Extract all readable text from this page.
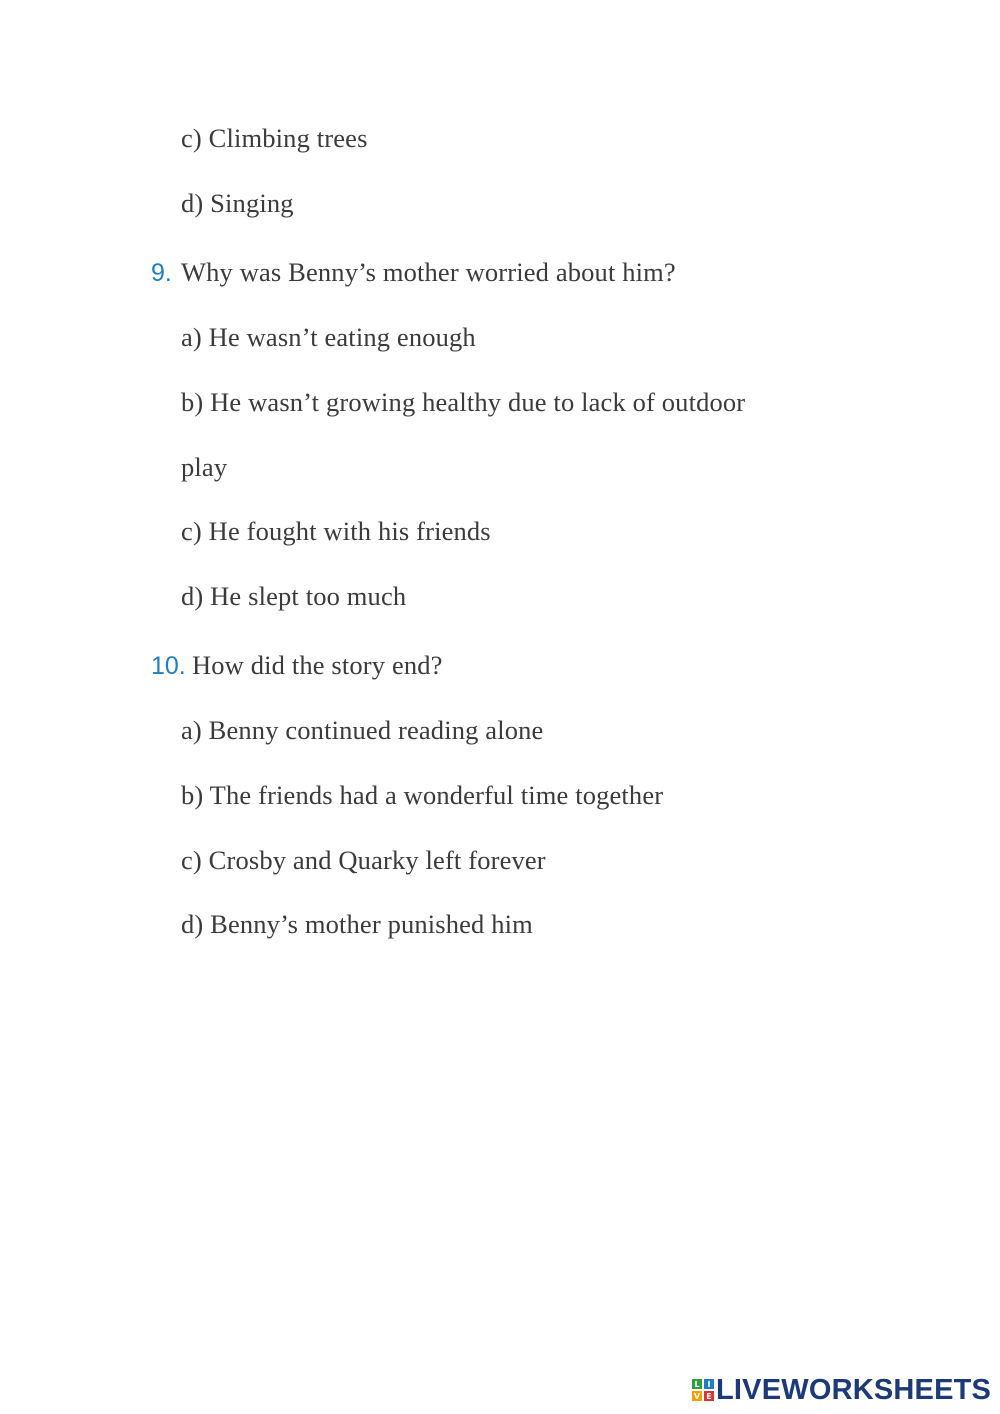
c) Climbing trees
d) Singing
9. Why was Benny’s mother worried about him?
a) He wasn’t eating enough
b) He wasn’t growing healthy due to lack of outdoor
play
c) He fought with his friends
d) He slept too much
10. How did the story end?
a) Benny continued reading alone
b) The friends had a wonderful time together
c) Crosby and Quarky left forever
d) Benny’s mother punished him
L I
V E LIVEWORKSHEETS
